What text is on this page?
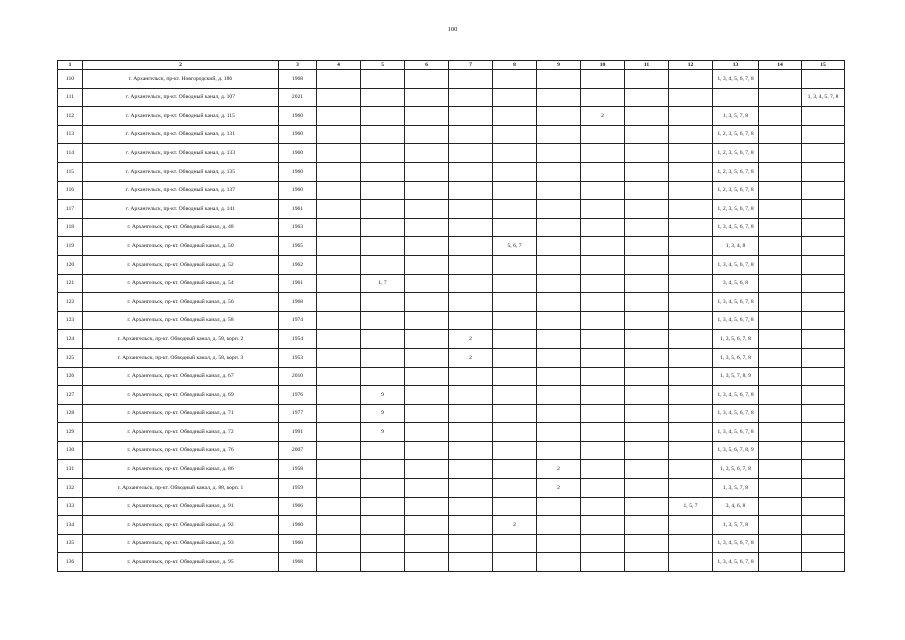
100
1	2	3	4	5	6	7	8	9	10	11	12	13	14	15
110	г. Архангельск, пр-кт. Новгородский, д. 186	1968										1, 3, 4, 5, 6, 7, 8		
111	г. Архангельск, пр-кт. Обводный канал, д. 107	2021												1, 3, 4, 5, 7, 8
112	г. Архангельск, пр-кт. Обводный канал, д. 115	1960							2			1, 3, 5, 7, 8		
113	г. Архангельск, пр-кт. Обводный канал, д. 131	1960										1, 2, 3, 5, 6, 7, 8		
114	г. Архангельск, пр-кт. Обводный канал, д. 133	1960										1, 2, 3, 5, 6, 7, 8		
115	г. Архангельск, пр-кт. Обводный канал, д. 135	1960										1, 2, 3, 5, 6, 7, 8		
116	г. Архангельск, пр-кт. Обводный канал, д. 137	1960										1, 2, 3, 5, 6, 7, 8		
117	г. Архангельск, пр-кт. Обводный канал, д. 141	1961										1, 2, 3, 5, 6, 7, 8		
118	г. Архангельск, пр-кт. Обводный канал, д. 48	1963										1, 3, 4, 5, 6, 7, 8		
119	г. Архангельск, пр-кт. Обводный канал, д. 50	1965					5, 6, 7					1, 3, 4, 8		
120	г. Архангельск, пр-кт. Обводный канал, д. 52	1962										1, 3, 4, 5, 6, 7, 8		
121	г. Архангельск, пр-кт. Обводный канал, д. 54	1961		1, 7								3, 4, 5, 6, 8		
122	г. Архангельск, пр-кт. Обводный канал, д. 56	1968										1, 3, 4, 5, 6, 7, 8		
123	г. Архангельск, пр-кт. Обводный канал, д. 58	1974										1, 3, 4, 5, 6, 7, 8		
124	г. Архангельск, пр-кт. Обводный канал, д. 58, корп. 2	1954				2						1, 3, 5, 6, 7, 8		
125	г. Архангельск, пр-кт. Обводный канал, д. 58, корп. 3	1953				2						1, 3, 5, 6, 7, 8		
126	г. Архангельск, пр-кт. Обводный канал, д. 67	2010										1, 3, 5, 7, 8, 9		
127	г. Архангельск, пр-кт. Обводный канал, д. 69	1976		9								1, 3, 4, 5, 6, 7, 8		
128	г. Архангельск, пр-кт. Обводный канал, д. 71	1977		9								1, 3, 4, 5, 6, 7, 8		
129	г. Архангельск, пр-кт. Обводный канал, д. 72	1991		9								1, 3, 4, 5, 6, 7, 8		
130	г. Архангельск, пр-кт. Обводный канал, д. 76	2007										1, 3, 5, 6, 7, 8, 9		
131	г. Архангельск, пр-кт. Обводный канал, д. 86	1958						2				1, 3, 5, 6, 7, 8		
132	г. Архангельск, пр-кт. Обводный канал, д. 88, корп. 1	1959						2				1, 3, 5, 7, 8		
133	г. Архангельск, пр-кт. Обводный канал, д. 91	1966									1, 5, 7	3, 4, 6, 8		
134	г. Архангельск, пр-кт. Обводный канал, д. 92	1960					2					1, 3, 5, 7, 8		
135	г. Архангельск, пр-кт. Обводный канал, д. 93	1960										1, 3, 4, 5, 6, 7, 8		
136	г. Архангельск, пр-кт. Обводный канал, д. 95	1968										1, 3, 4, 5, 6, 7, 8		
